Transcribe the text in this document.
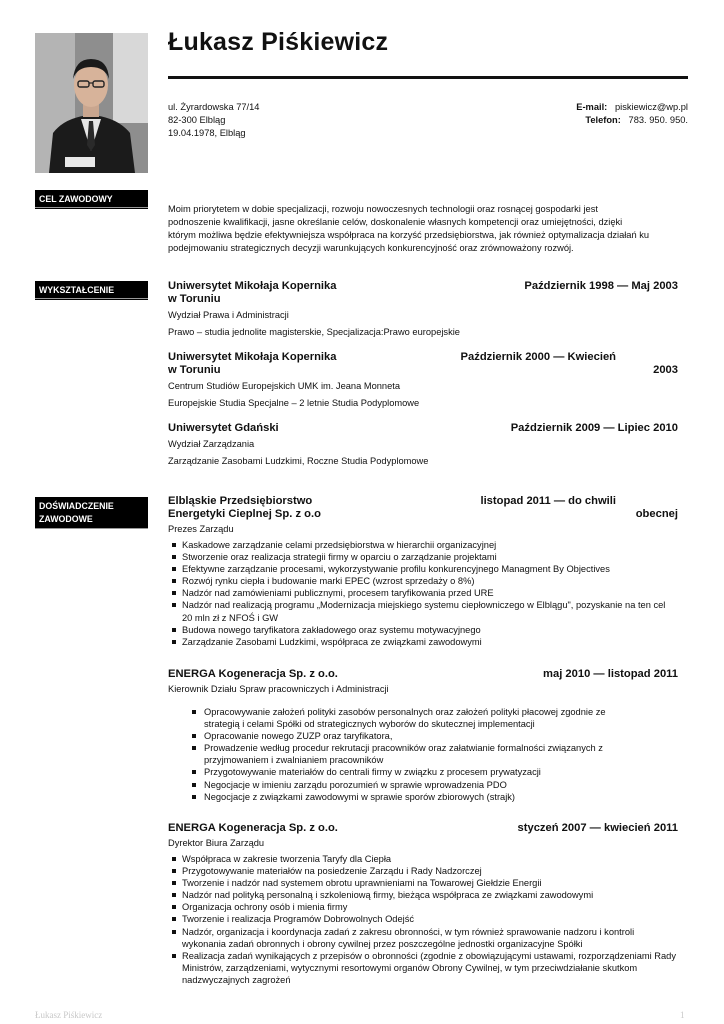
Łukasz Piśkiewicz
ul. Żyrardowska 77/14
82-300 Elbląg
19.04.1978, Elbląg
E-mail: piskiewicz@wp.pl
Telefon: 783. 950. 950.
CEL ZAWODOWY
WYKSZTAŁCENIE
DOŚWIADCZENIE
ZAWODOWE
Moim priorytetem w dobie specjalizacji, rozwoju nowoczesnych technologii oraz rosnącej gospodarki jest
podnoszenie kwalifikacji, jasne określanie celów, doskonalenie własnych kompetencji oraz umiejętności, dzięki
którym możliwa będzie efektywniejsza współpraca na korzyść przedsiębiorstwa, jak również optymalizacja działań ku
podejmowaniu strategicznych decyzji warunkujących konkurencyjność oraz zrównoważony rozwój.
Uniwersytet Mikołaja Kopernika
w Toruniu
Październik 1998 — Maj 2003
Wydział Prawa i Administracji
Prawo – studia jednolite magisterskie, Specjalizacja:Prawo europejskie
Uniwersytet Mikołaja Kopernika
w Toruniu
Październik 2000 — Kwiecień
2003
Centrum Studiów Europejskich UMK im. Jeana Monneta
Europejskie Studia Specjalne – 2 letnie Studia Podyplomowe
Uniwersytet Gdański	Październik 2009 — Lipiec 2010
Wydział Zarządzania
Zarządzanie Zasobami Ludzkimi, Roczne Studia Podyplomowe
Elbląskie Przedsiębiorstwo
Energetyki Cieplnej Sp. z o.o
listopad 2011 — do chwili
obecnej
Prezes Zarządu
Kaskadowe zarządzanie celami przedsiębiorstwa w hierarchii organizacyjnej
Stworzenie oraz realizacja strategii firmy w oparciu o zarządzanie projektami
Efektywne zarządzanie procesami, wykorzystywanie profilu konkurencyjnego Managment By Objectives
Rozwój rynku ciepła i budowanie marki EPEC (wzrost sprzedaży o 8%)
Nadzór nad zamówieniami publicznymi, procesem taryfikowania przed URE
Nadzór nad realizacją programu „Modernizacja miejskiego systemu ciepłowniczego w Elblągu", pozyskanie na ten cel 20 mln zł z NFOŚ i GW
Budowa nowego taryfikatora zakładowego oraz systemu motywacyjnego
Zarządzanie Zasobami Ludzkimi, współpraca ze związkami zawodowymi
ENERGA Kogeneracja Sp. z o.o.	maj 2010 — listopad 2011
Kierownik Działu Spraw pracowniczych i Administracji
Opracowywanie założeń polityki zasobów personalnych oraz założeń polityki płacowej zgodnie ze strategią i celami Spółki od strategicznych wyborów do skutecznej implementacji
Opracowanie nowego ZUZP oraz taryfikatora,
Prowadzenie według procedur rekrutacji pracowników oraz załatwianie formalności związanych z przyjmowaniem i zwalnianiem pracowników
Przygotowywanie materiałów do centrali firmy w związku z procesem prywatyzacji
Negocjacje w imieniu zarządu porozumień w sprawie wprowadzenia PDO
Negocjacje z związkami zawodowymi w sprawie sporów zbiorowych (strajk)
ENERGA Kogeneracja Sp. z o.o.	styczeń 2007 — kwiecień 2011
Dyrektor Biura Zarządu
Współpraca w zakresie tworzenia Taryfy dla Ciepła
Przygotowywanie materiałów na posiedzenie Zarządu i Rady Nadzorczej
Tworzenie i nadzór nad systemem obrotu uprawnieniami na Towarowej Giełdzie Energii
Nadzór nad polityką personalną i szkoleniową firmy, bieżąca współpraca ze związkami zawodowymi
Organizacja ochrony osób i mienia firmy
Tworzenie i realizacja Programów Dobrowolnych Odejść
Nadzór, organizacja i koordynacja zadań z zakresu obronności, w tym również sprawowanie nadzoru i kontroli wykonania zadań obronnych i obrony cywilnej przez poszczególne jednostki organizacyjne Spółki
Realizacja zadań wynikających z przepisów o obronności (zgodnie z obowiązującymi ustawami, rozporządzeniami Rady Ministrów, zarządzeniami, wytycznymi resortowymi organów Obrony Cywilnej, w tym przeciwdziałanie skutkom nadzwyczajnych zagrożeń
Łukasz Piśkiewicz	1
